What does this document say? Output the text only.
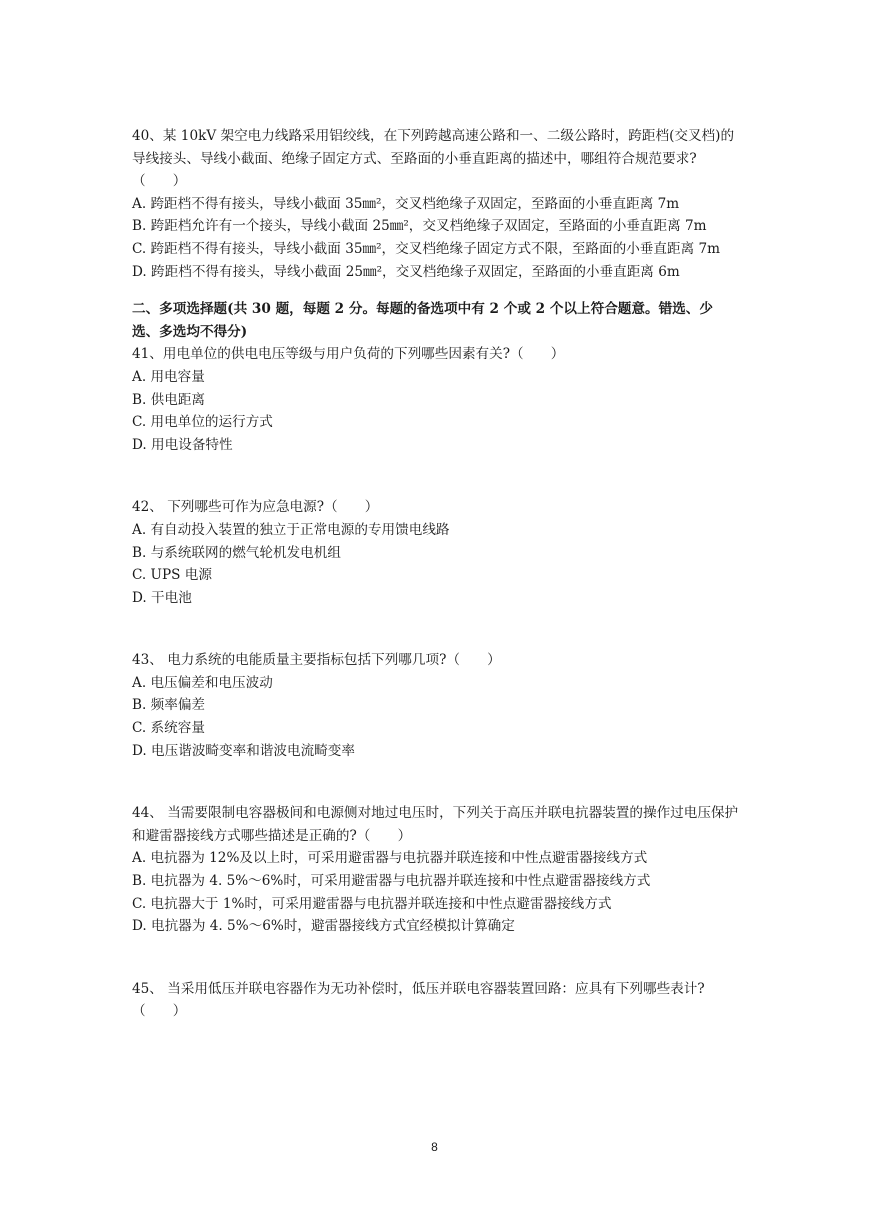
40、某 10kV 架空电力线路采用铝绞线，在下列跨越高速公路和一、二级公路时，跨距档(交叉档)的导线接头、导线小截面、绝缘子固定方式、至路面的小垂直距离的描述中，哪组符合规范要求?（　　）

A. 跨距档不得有接头，导线小截面 35㎜²，交叉档绝缘子双固定，至路面的小垂直距离 7m

B. 跨距档允许有一个接头，导线小截面 25㎜²，交叉档绝缘子双固定，至路面的小垂直距离 7m

C. 跨距档不得有接头，导线小截面 35㎜²，交叉档绝缘子固定方式不限，至路面的小垂直距离 7m

D. 跨距档不得有接头，导线小截面 25㎜²，交叉档绝缘子双固定，至路面的小垂直距离 6m

二、多项选择题(共 30 题，每题 2 分。每题的备选项中有 2 个或 2 个以上符合题意。错选、少选、多选均不得分)

41、用电单位的供电电压等级与用户负荷的下列哪些因素有关?（　　）

A. 用电容量

B. 供电距离

C. 用电单位的运行方式

D. 用电设备特性

42、 下列哪些可作为应急电源?（　　）

A. 有自动投入装置的独立于正常电源的专用馈电线路

B. 与系统联网的燃气轮机发电机组

C. UPS 电源

D. 干电池

43、 电力系统的电能质量主要指标包括下列哪几项?（　　）

A. 电压偏差和电压波动

B. 频率偏差

C. 系统容量

D. 电压谐波畸变率和谐波电流畸变率

44、 当需要限制电容器极间和电源侧对地过电压时，下列关于高压并联电抗器装置的操作过电压保护和避雷器接线方式哪些描述是正确的?（　　）

A. 电抗器为 12%及以上时，可采用避雷器与电抗器并联连接和中性点避雷器接线方式

B. 电抗器为 4. 5%～6%时，可采用避雷器与电抗器并联连接和中性点避雷器接线方式

C. 电抗器大于 1%时，可采用避雷器与电抗器并联连接和中性点避雷器接线方式

D. 电抗器为 4. 5%～6%时，避雷器接线方式宜经模拟计算确定

45、 当采用低压并联电容器作为无功补偿时，低压并联电容器装置回路：应具有下列哪些表计?（　　）

8
